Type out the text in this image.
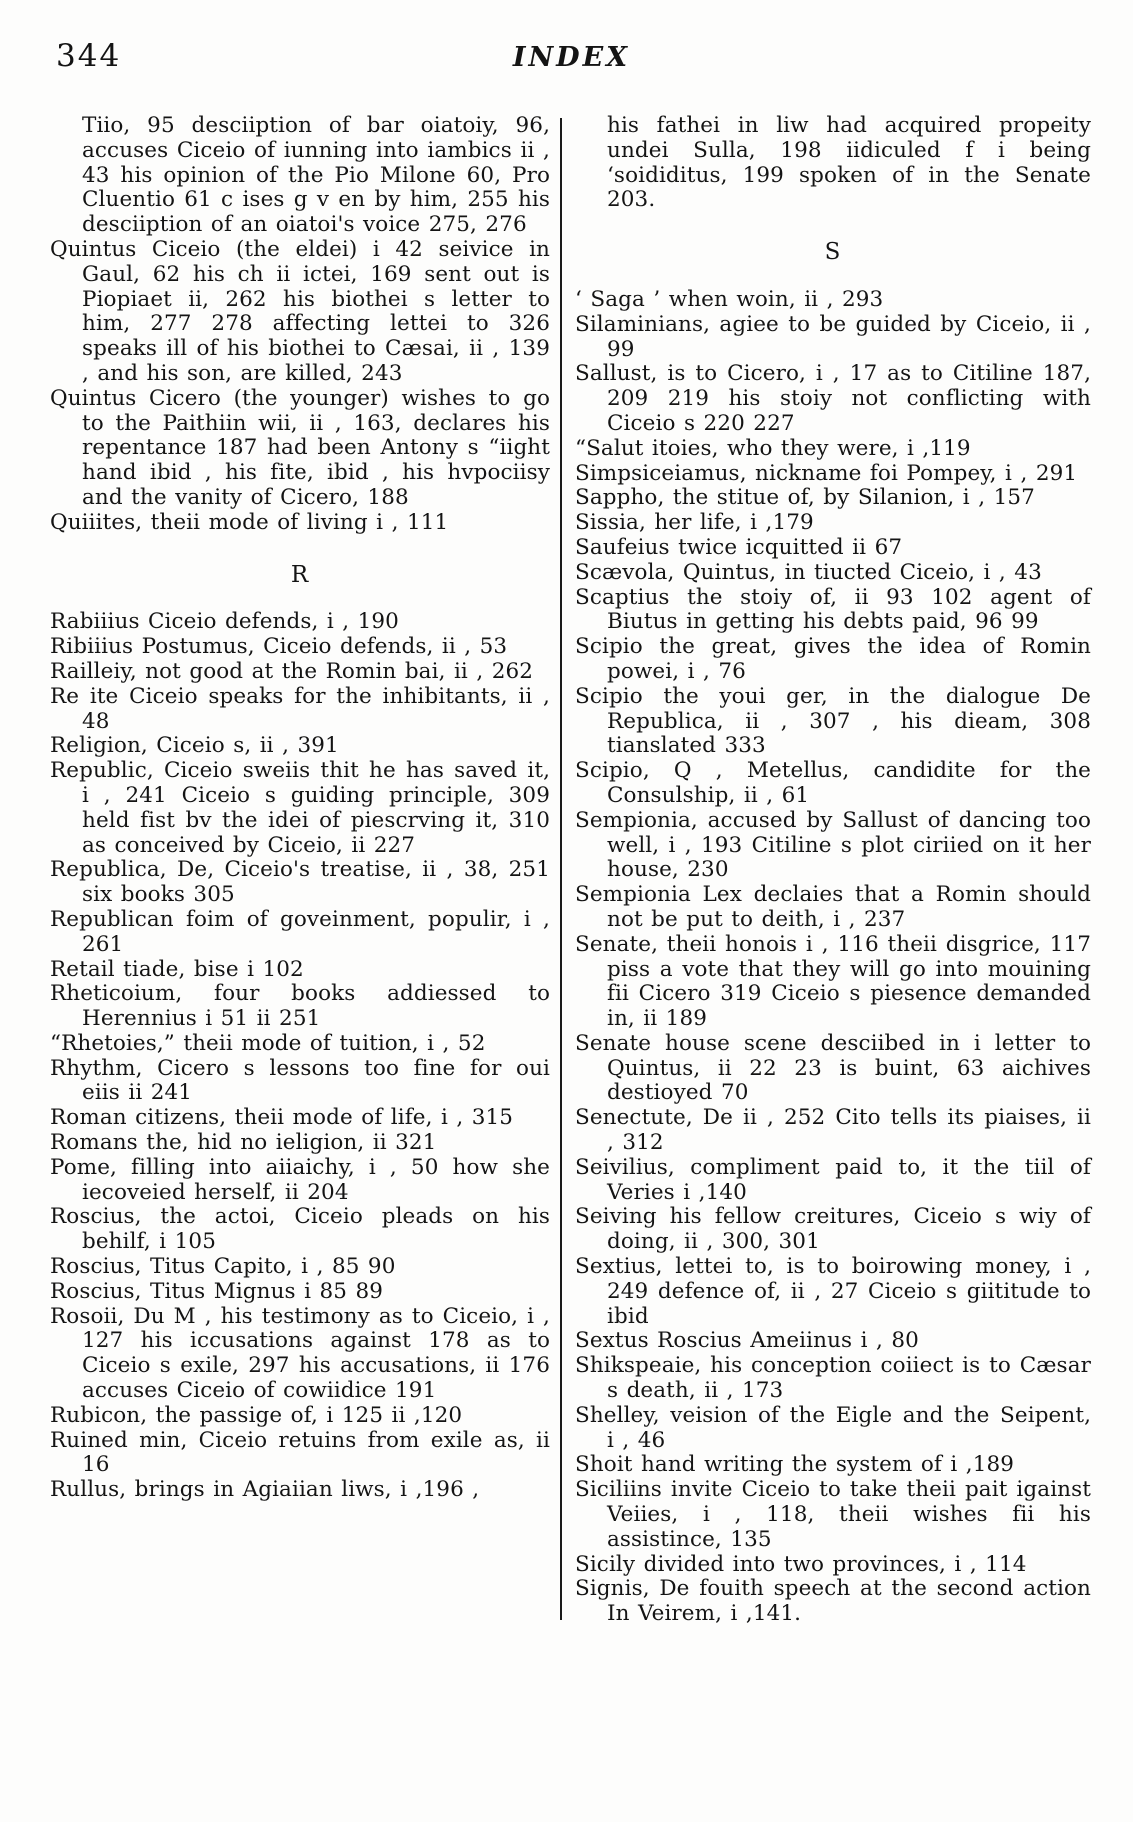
344	INDEX
Tiio, 95 desciiption of bar oiatoiy, 96, accuses Ciceio of iunning into iambics ii , 43 his opinion of the Pio Milone 60, Pro Cluentio 61 c ises g v en by him, 255 his desciiption of an oiatoi's voice 275, 276
Quintus Ciceio (the eldei) i 42 seivice in Gaul, 62 his ch ii ictei, 169 sent out is Piopiaet ii, 262 his biothei s letter to him, 277 278 affecting lettei to 326 speaks ill of his biothei to Cæsai, ii , 139 , and his son, are killed, 243
Quintus Cicero (the younger) wishes to go to the Paithiin wii, ii , 163, declares his repentance 187 had been Antony s “iight hand ibid , his fite, ibid , his hvpociisy and the vanity of Cicero, 188
Quiiites, theii mode of living i , 111
R
Rabiiius Ciceio defends, i , 190
Ribiiius Postumus, Ciceio defends, ii , 53
Railleiy, not good at the Romin bai, ii , 262
Re ite Ciceio speaks for the inhibitants, ii , 48
Religion, Ciceio s, ii , 391
Republic, Ciceio sweiis thit he has saved it, i , 241 Ciceio s guiding principle, 309 held fist bv the idei of piescrving it, 310 as conceived by Ciceio, ii 227
Republica, De, Ciceio's treatise, ii , 38, 251 six books 305
Republican foim of goveinment, populir, i , 261
Retail tiade, bise i 102
Rheticoium, four books addiessed to Herennius i 51 ii 251
“Rhetoies,” theii mode of tuition, i , 52
Rhythm, Cicero s lessons too fine for oui eiis ii 241
Roman citizens, theii mode of life, i , 315
Romans the, hid no ieligion, ii 321
Pome, filling into aiiaichy, i , 50 how she iecoveied herself, ii 204
Roscius, the actoi, Ciceio pleads on his behilf, i 105
Roscius, Titus Capito, i , 85 90
Roscius, Titus Mignus i 85 89
Rosoii, Du M , his testimony as to Ciceio, i , 127 his iccusations against 178 as to Ciceio s exile, 297 his accusations, ii 176 accuses Ciceio of cowiidice 191
Rubicon, the passige of, i 125 ii ,120
Ruined min, Ciceio retuins from exile as, ii 16
Rullus, brings in Agiaiian liws, i ,196 ,
his fathei in liw had acquired propeity undei Sulla, 198 iidiculed f i being ‘soididitus, 199 spoken of in the Senate 203.
S
‘ Saga ’ when woin, ii , 293
Silaminians, agiee to be guided by Ciceio, ii , 99
Sallust, is to Cicero, i , 17 as to Citiline 187, 209 219 his stoiy not conflicting with Ciceio s 220 227
“Salut itoies, who they were, i ,119
Simpsiceiamus, nickname foi Pompey, i , 291
Sappho, the stitue of, by Silanion, i , 157
Sissia, her life, i ,179
Saufeius twice icquitted ii 67
Scævola, Quintus, in tiucted Ciceio, i , 43
Scaptius the stoiy of, ii 93 102 agent of Biutus in getting his debts paid, 96 99
Scipio the great, gives the idea of Romin powei, i , 76
Scipio the youi ger, in the dialogue De Republica, ii , 307 , his dieam, 308 tianslated 333
Scipio, Q , Metellus, candidite for the Consulship, ii , 61
Sempionia, accused by Sallust of dancing too well, i , 193 Citiline s plot ciriied on it her house, 230
Sempionia Lex declaies that a Romin should not be put to deith, i , 237
Senate, theii honois i , 116 theii disgrice, 117 piss a vote that they will go into mouining fii Cicero 319 Ciceio s piesence demanded in, ii 189
Senate house scene desciibed in i letter to Quintus, ii 22 23 is buint, 63 aichives destioyed 70
Senectute, De ii , 252 Cito tells its piaises, ii , 312
Seivilius, compliment paid to, it the tiil of Veries i ,140
Seiving his fellow creitures, Ciceio s wiy of doing, ii , 300, 301
Sextius, lettei to, is to boirowing money, i , 249 defence of, ii , 27 Ciceio s giititude to ibid
Sextus Roscius Ameiinus i , 80
Shikspeaie, his conception coiiect is to Cæsar s death, ii , 173
Shelley, veision of the Eigle and the Seipent, i , 46
Shoit hand writing the system of i ,189
Siciliins invite Ciceio to take theii pait igainst Veiies, i , 118, theii wishes fii his assistince, 135
Sicily divided into two provinces, i , 114
Signis, De fouith speech at the second action In Veirem, i ,141.
